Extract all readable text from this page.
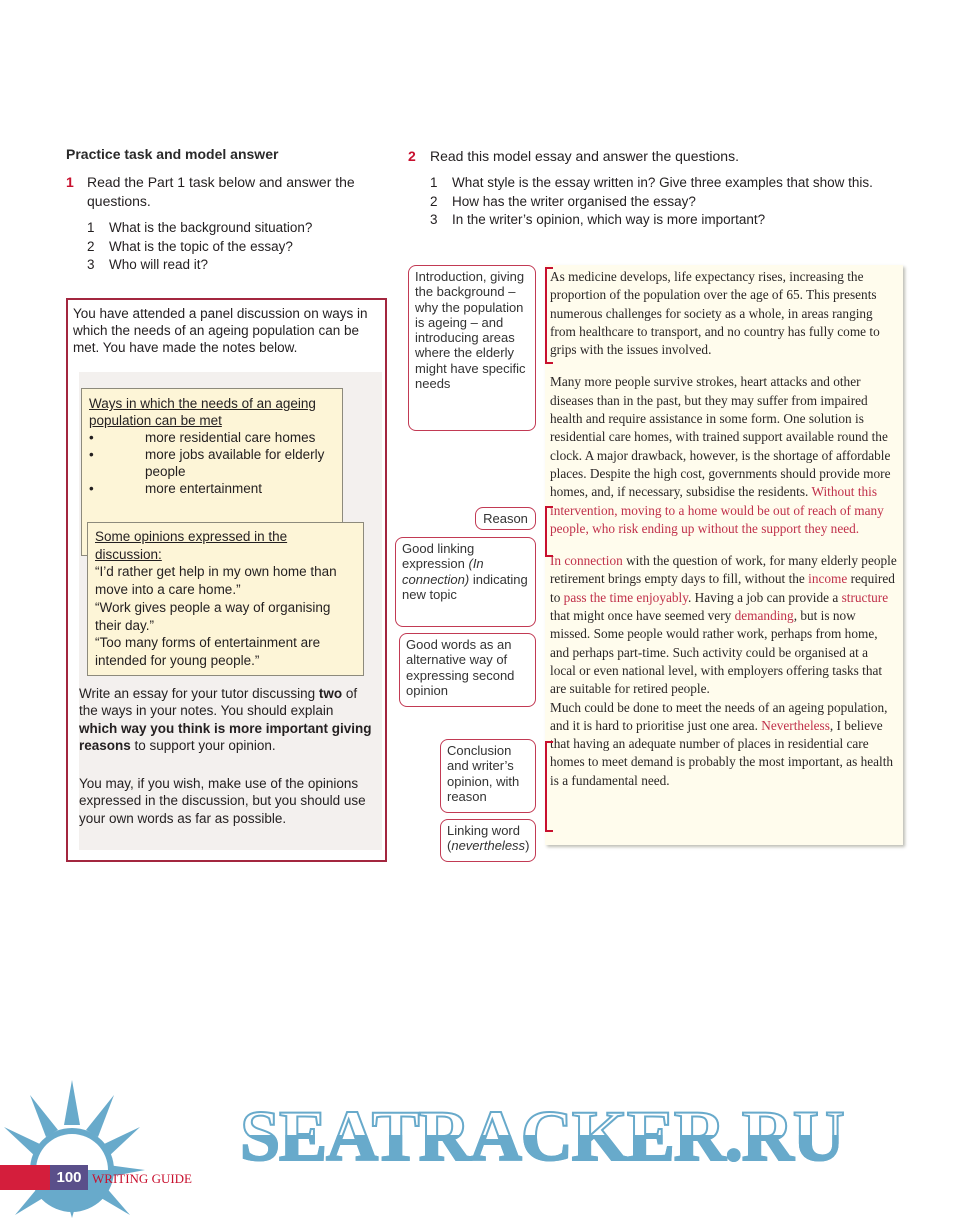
Practice task and model answer
1 Read the Part 1 task below and answer the questions.
1 What is the background situation?
2 What is the topic of the essay?
3 Who will read it?
You have attended a panel discussion on ways in which the needs of an ageing population can be met. You have made the notes below.
Ways in which the needs of an ageing population can be met
•	more residential care homes
•	more jobs available for elderly people
•	more entertainment
Some opinions expressed in the discussion:
“I’d rather get help in my own home than move into a care home.”
“Work gives people a way of organising their day.”
“Too many forms of entertainment are intended for young people.”
Write an essay for your tutor discussing two of the ways in your notes. You should explain which way you think is more important giving reasons to support your opinion.
You may, if you wish, make use of the opinions expressed in the discussion, but you should use your own words as far as possible.
2 Read this model essay and answer the questions.
1	What style is the essay written in? Give three examples that show this.
2 How has the writer organised the essay?
3 In the writer’s opinion, which way is more important?

As medicine develops, life expectancy rises, increasing the proportion of the population over the age of 65. This presents numerous challenges for society as a whole, in areas ranging from healthcare to transport, and no country has fully come to grips with the issues involved.

Many more people survive strokes, heart attacks and other diseases than in the past, but they may suffer from impaired health and require assistance in some form. One solution is residential care homes, with trained support available round the clock. A major drawback, however, is the shortage of affordable places. Despite the high cost, governments should provide more homes, and, if necessary, subsidise the residents. Without this intervention, moving to a home would be out of reach of many people, who risk ending up without the support they need.

In connection with the question of work, for many elderly people retirement brings empty days to fill, without the income required to pass the time enjoyably. Having a job can provide a structure that might once have seemed very demanding, but is now missed. Some people would rather work, perhaps from home, and perhaps part-time. Such activity could be organised at a local or even national level, with employers offering tasks that are suitable for retired people.

Much could be done to meet the needs of an ageing population, and it is hard to prioritise just one area. Nevertheless, I believe that having an adequate number of places in residential care homes to meet demand is probably the most important, as health is a fundamental need.

Introduction, giving the background – why the population is ageing – and introducing areas where the elderly might have specific needs
Reason
Good linking expression (In connection) indicating new topic
Good words as an alternative way of expressing second opinion
Conclusion and writer’s opinion, with reason
Linking word (nevertheless)
100 WRITING GUIDE
SEATRACKER.RU
